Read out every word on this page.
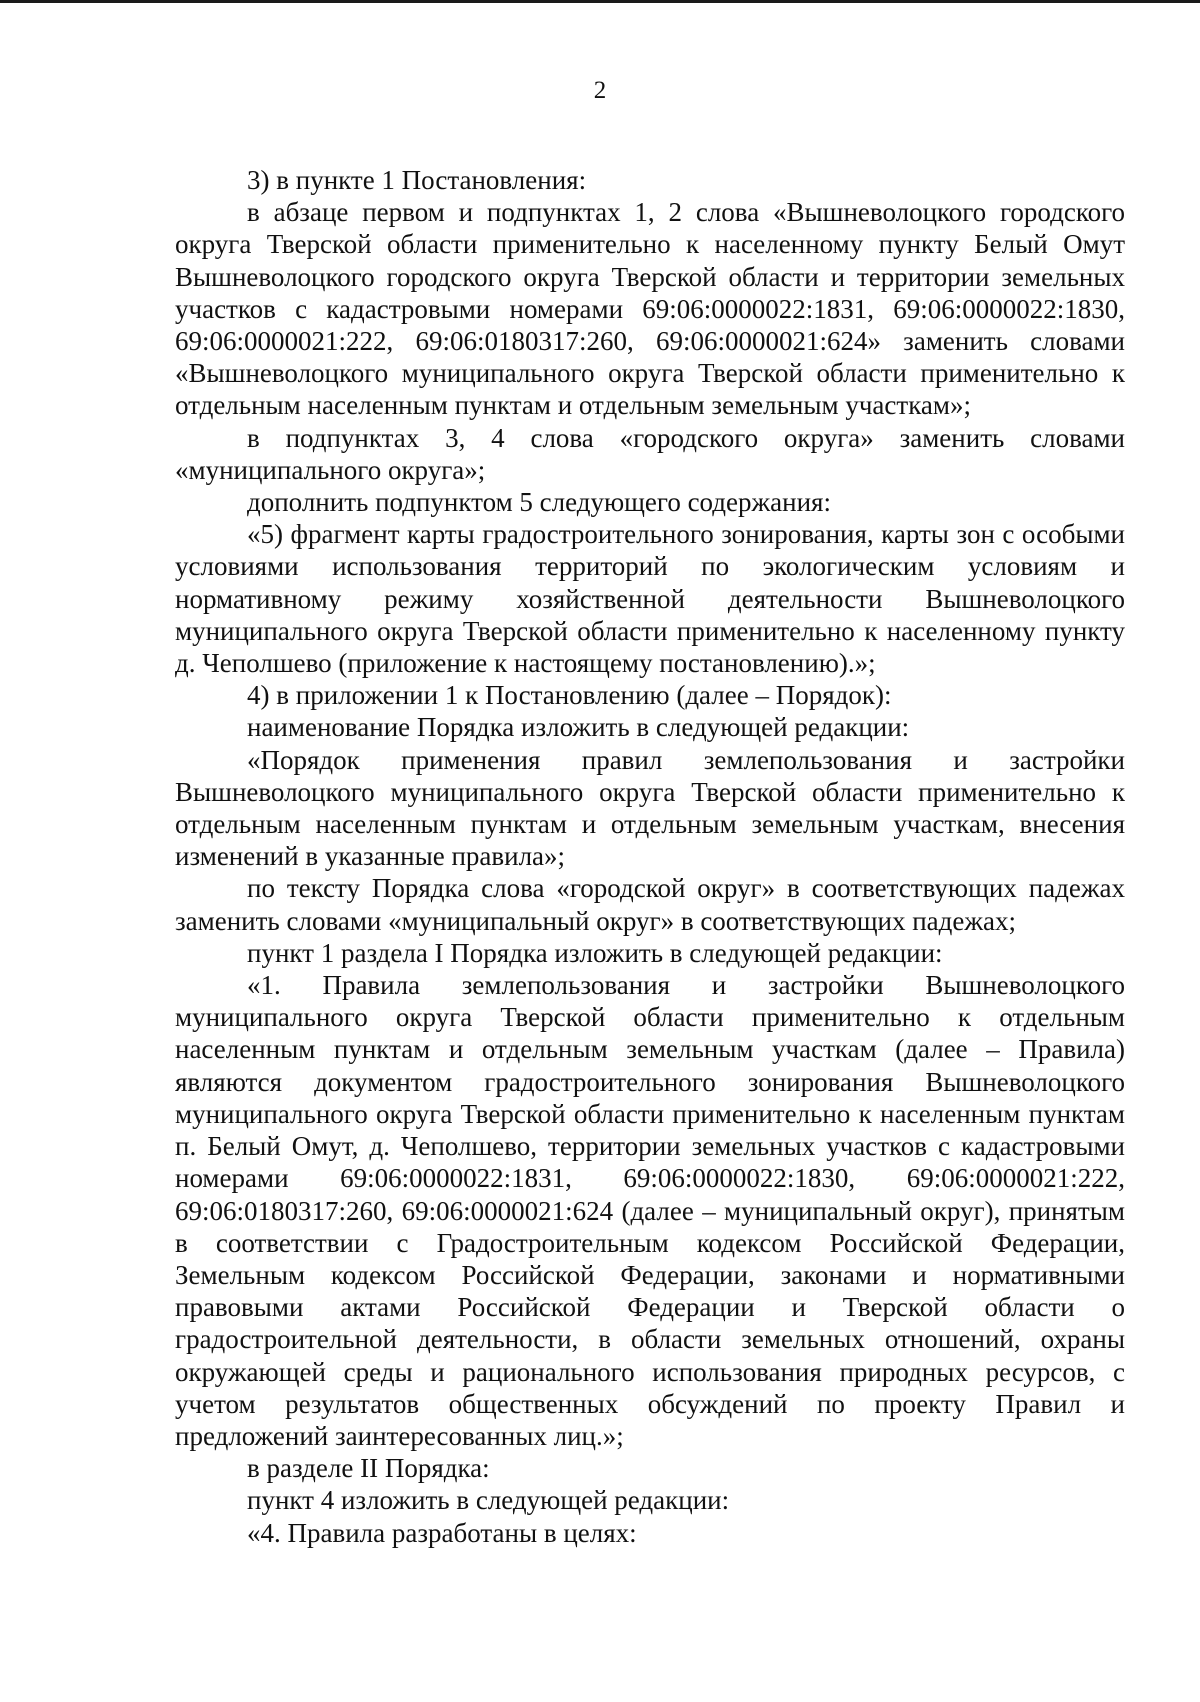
2

3) в пункте 1 Постановления:

в абзаце первом и подпунктах 1, 2 слова «Вышневолоцкого городского округа Тверской области применительно к населенному пункту Белый Омут Вышневолоцкого городского округа Тверской области и территории земельных участков с кадастровыми номерами 69:06:0000022:1831, 69:06:0000022:1830, 69:06:0000021:222, 69:06:0180317:260, 69:06:0000021:624» заменить словами «Вышневолоцкого муниципального округа Тверской области применительно к отдельным населенным пунктам и отдельным земельным участкам»;

в подпунктах 3, 4 слова «городского округа» заменить словами «муниципального округа»;

дополнить подпунктом 5 следующего содержания:

«5) фрагмент карты градостроительного зонирования, карты зон с особыми условиями использования территорий по экологическим условиям и нормативному режиму хозяйственной деятельности Вышневолоцкого муниципального округа Тверской области применительно к населенному пункту д. Чеполшево (приложение к настоящему постановлению).»;

4) в приложении 1 к Постановлению (далее – Порядок):

наименование Порядка изложить в следующей редакции:

«Порядок применения правил землепользования и застройки Вышневолоцкого муниципального округа Тверской области применительно к отдельным населенным пунктам и отдельным земельным участкам, внесения изменений в указанные правила»;

по тексту Порядка слова «городской округ» в соответствующих падежах заменить словами «муниципальный округ» в соответствующих падежах;

пункт 1 раздела I Порядка изложить в следующей редакции:

«1. Правила землепользования и застройки Вышневолоцкого муниципального округа Тверской области применительно к отдельным населенным пунктам и отдельным земельным участкам (далее – Правила) являются документом градостроительного зонирования Вышневолоцкого муниципального округа Тверской области применительно к населенным пунктам п. Белый Омут, д. Чеполшево, территории земельных участков с кадастровыми номерами 69:06:0000022:1831, 69:06:0000022:1830, 69:06:0000021:222, 69:06:0180317:260, 69:06:0000021:624 (далее – муниципальный округ), принятым в соответствии с Градостроительным кодексом Российской Федерации, Земельным кодексом Российской Федерации, законами и нормативными правовыми актами Российской Федерации и Тверской области о градостроительной деятельности, в области земельных отношений, охраны окружающей среды и рационального использования природных ресурсов, с учетом результатов общественных обсуждений по проекту Правил и предложений заинтересованных лиц.»;

в разделе II Порядка:

пункт 4 изложить в следующей редакции:

«4. Правила разработаны в целях:
